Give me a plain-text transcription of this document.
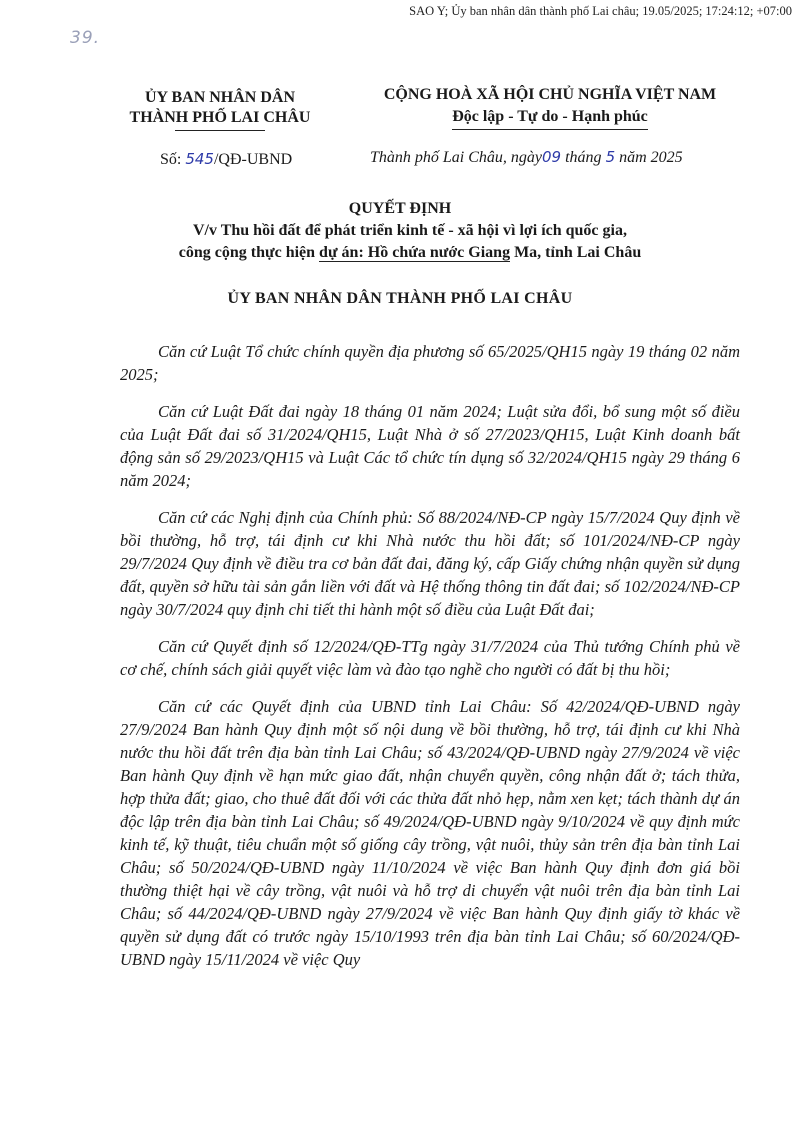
SAO Y; Ủy ban nhân dân thành phố Lai châu; 19.05/2025; 17:24:12; +07:00
39.
ỦY BAN NHÂN DÂN
THÀNH PHỐ LAI CHÂU
CỘNG HOÀ XÃ HỘI CHỦ NGHĨA VIỆT NAM
Độc lập - Tự do - Hạnh phúc
Số: 545/QĐ-UBND	Thành phố Lai Châu, ngày09 tháng 5 năm 2025
QUYẾT ĐỊNH
V/v Thu hồi đất để phát triển kinh tế - xã hội vì lợi ích quốc gia,
công cộng thực hiện dự án: Hồ chứa nước Giang Ma, tỉnh Lai Châu
ỦY BAN NHÂN DÂN THÀNH PHỐ LAI CHÂU

Căn cứ Luật Tổ chức chính quyền địa phương số 65/2025/QH15 ngày 19 tháng 02 năm 2025;

Căn cứ Luật Đất đai ngày 18 tháng 01 năm 2024; Luật sửa đổi, bổ sung một số điều của Luật Đất đai số 31/2024/QH15, Luật Nhà ở số 27/2023/QH15, Luật Kinh doanh bất động sản số 29/2023/QH15 và Luật Các tổ chức tín dụng số 32/2024/QH15 ngày 29 tháng 6 năm 2024;

Căn cứ các Nghị định của Chính phủ: Số 88/2024/NĐ-CP ngày 15/7/2024 Quy định về bồi thường, hỗ trợ, tái định cư khi Nhà nước thu hồi đất; số 101/2024/NĐ-CP ngày 29/7/2024 Quy định về điều tra cơ bản đất đai, đăng ký, cấp Giấy chứng nhận quyền sử dụng đất, quyền sở hữu tài sản gắn liền với đất và Hệ thống thông tin đất đai; số 102/2024/NĐ-CP ngày 30/7/2024 quy định chi tiết thi hành một số điều của Luật Đất đai;

Căn cứ Quyết định số 12/2024/QĐ-TTg ngày 31/7/2024 của Thủ tướng Chính phủ về cơ chế, chính sách giải quyết việc làm và đào tạo nghề cho người có đất bị thu hồi;

Căn cứ các Quyết định của UBND tỉnh Lai Châu: Số 42/2024/QĐ-UBND ngày 27/9/2024 Ban hành Quy định một số nội dung về bồi thường, hỗ trợ, tái định cư khi Nhà nước thu hồi đất trên địa bàn tỉnh Lai Châu; số 43/2024/QĐ-UBND ngày 27/9/2024 về việc Ban hành Quy định về hạn mức giao đất, nhận chuyển quyền, công nhận đất ở; tách thửa, hợp thửa đất; giao, cho thuê đất đối với các thửa đất nhỏ hẹp, nằm xen kẹt; tách thành dự án độc lập trên địa bàn tỉnh Lai Châu; số 49/2024/QĐ-UBND ngày 9/10/2024 về quy định mức kinh tế, kỹ thuật, tiêu chuẩn một số giống cây trồng, vật nuôi, thủy sản trên địa bàn tỉnh Lai Châu; số 50/2024/QĐ-UBND ngày 11/10/2024 về việc Ban hành Quy định đơn giá bồi thường thiệt hại về cây trồng, vật nuôi và hỗ trợ di chuyển vật nuôi trên địa bàn tỉnh Lai Châu; số 44/2024/QĐ-UBND ngày 27/9/2024 về việc Ban hành Quy định giấy tờ khác về quyền sử dụng đất có trước ngày 15/10/1993 trên địa bàn tỉnh Lai Châu; số 60/2024/QĐ-UBND ngày 15/11/2024 về việc Quy
